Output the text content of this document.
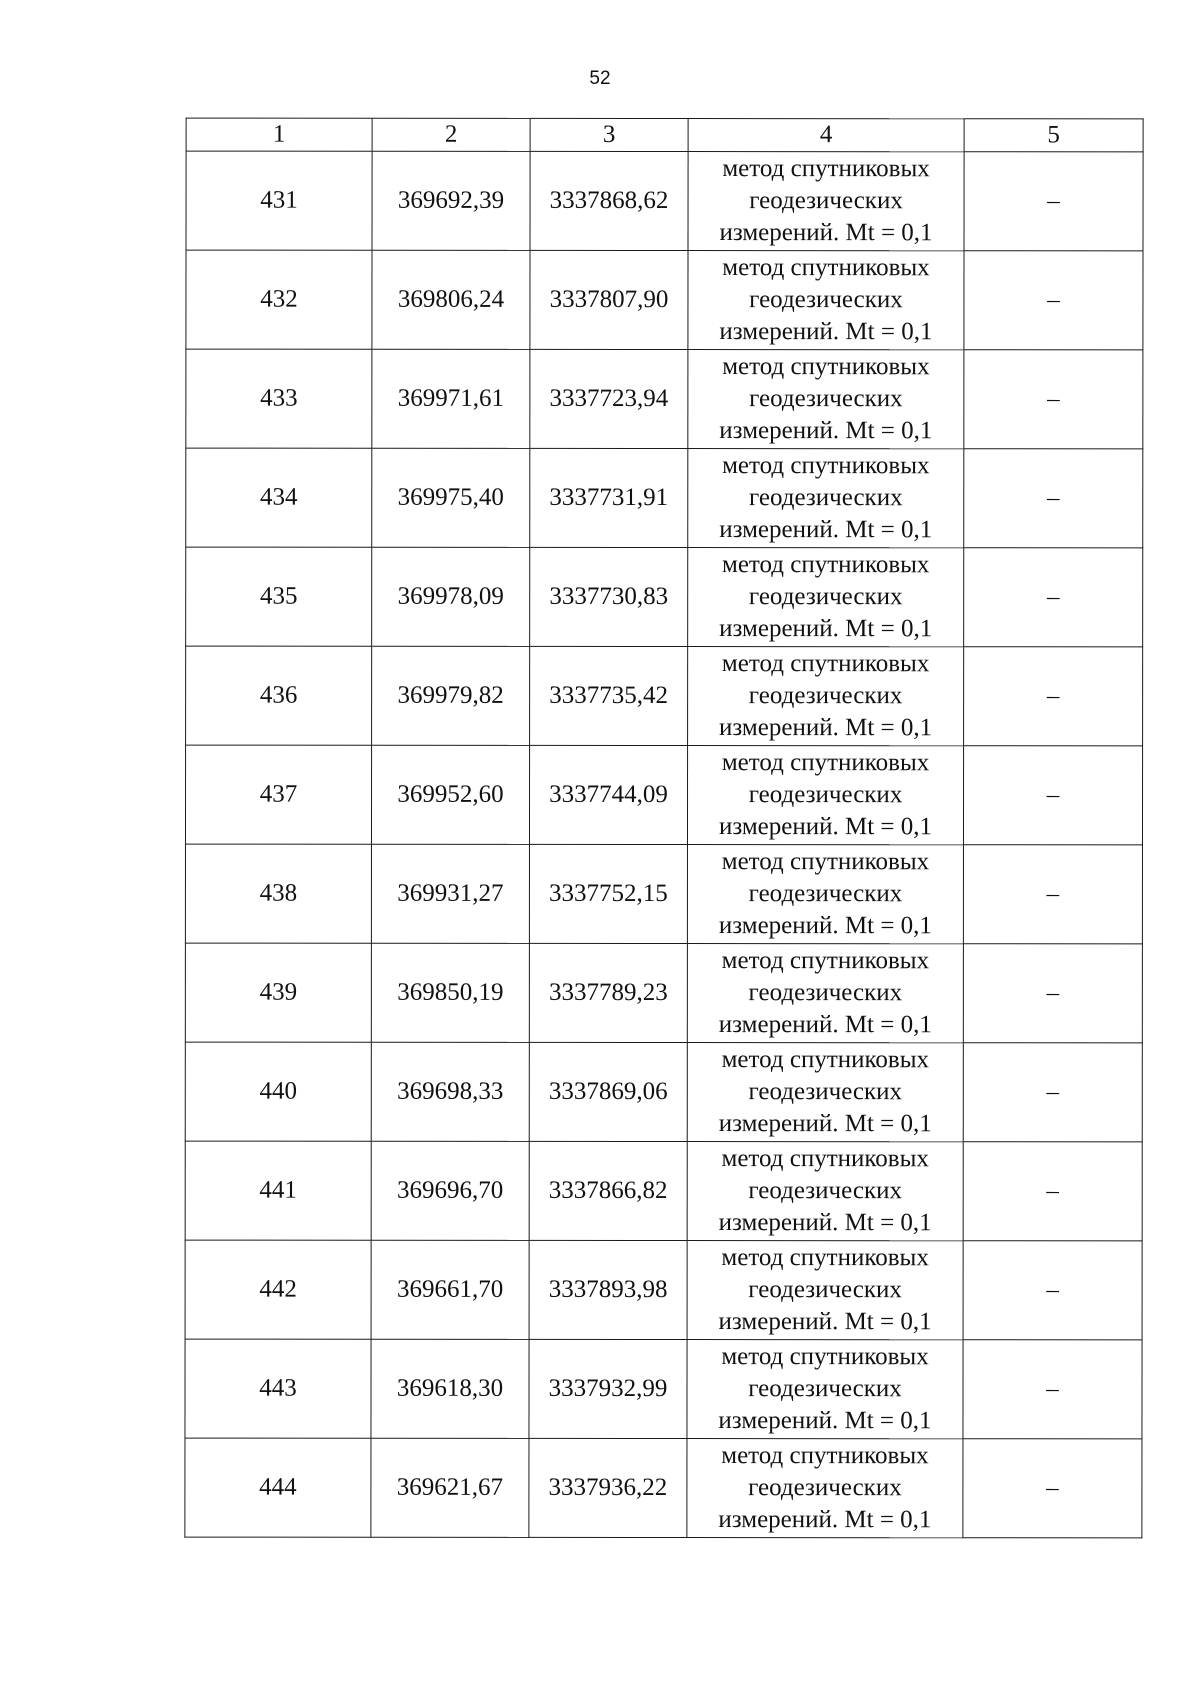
52
1	2	3	4	5
431	369692,39	3337868,62	метод спутниковых
геодезических
измерений. Mt = 0,1	–
432	369806,24	3337807,90	метод спутниковых
геодезических
измерений. Mt = 0,1	–
433	369971,61	3337723,94	метод спутниковых
геодезических
измерений. Mt = 0,1	–
434	369975,40	3337731,91	метод спутниковых
геодезических
измерений. Mt = 0,1	–
435	369978,09	3337730,83	метод спутниковых
геодезических
измерений. Mt = 0,1	–
436	369979,82	3337735,42	метод спутниковых
геодезических
измерений. Mt = 0,1	–
437	369952,60	3337744,09	метод спутниковых
геодезических
измерений. Mt = 0,1	–
438	369931,27	3337752,15	метод спутниковых
геодезических
измерений. Mt = 0,1	–
439	369850,19	3337789,23	метод спутниковых
геодезических
измерений. Mt = 0,1	–
440	369698,33	3337869,06	метод спутниковых
геодезических
измерений. Mt = 0,1	–
441	369696,70	3337866,82	метод спутниковых
геодезических
измерений. Mt = 0,1	–
442	369661,70	3337893,98	метод спутниковых
геодезических
измерений. Mt = 0,1	–
443	369618,30	3337932,99	метод спутниковых
геодезических
измерений. Mt = 0,1	–
444	369621,67	3337936,22	метод спутниковых
геодезических
измерений. Mt = 0,1	–
